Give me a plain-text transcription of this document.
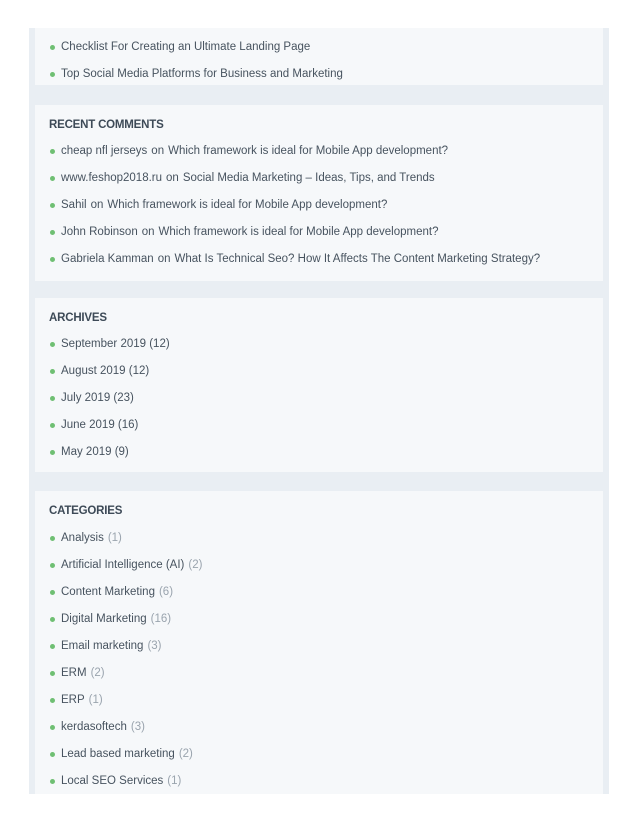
Checklist For Creating an Ultimate Landing Page
Top Social Media Platforms for Business and Marketing
RECENT COMMENTS
cheap nfl jerseys on Which framework is ideal for Mobile App development?
www.feshop2018.ru on Social Media Marketing – Ideas, Tips, and Trends
Sahil on Which framework is ideal for Mobile App development?
John Robinson on Which framework is ideal for Mobile App development?
Gabriela Kamman on What Is Technical Seo? How It Affects The Content Marketing Strategy?
ARCHIVES
September 2019 (12)
August 2019 (12)
July 2019 (23)
June 2019 (16)
May 2019 (9)
CATEGORIES
Analysis (1)
Artificial Intelligence (AI) (2)
Content Marketing (6)
Digital Marketing (16)
Email marketing (3)
ERM (2)
ERP (1)
kerdasoftech (3)
Lead based marketing (2)
Local SEO Services (1)
